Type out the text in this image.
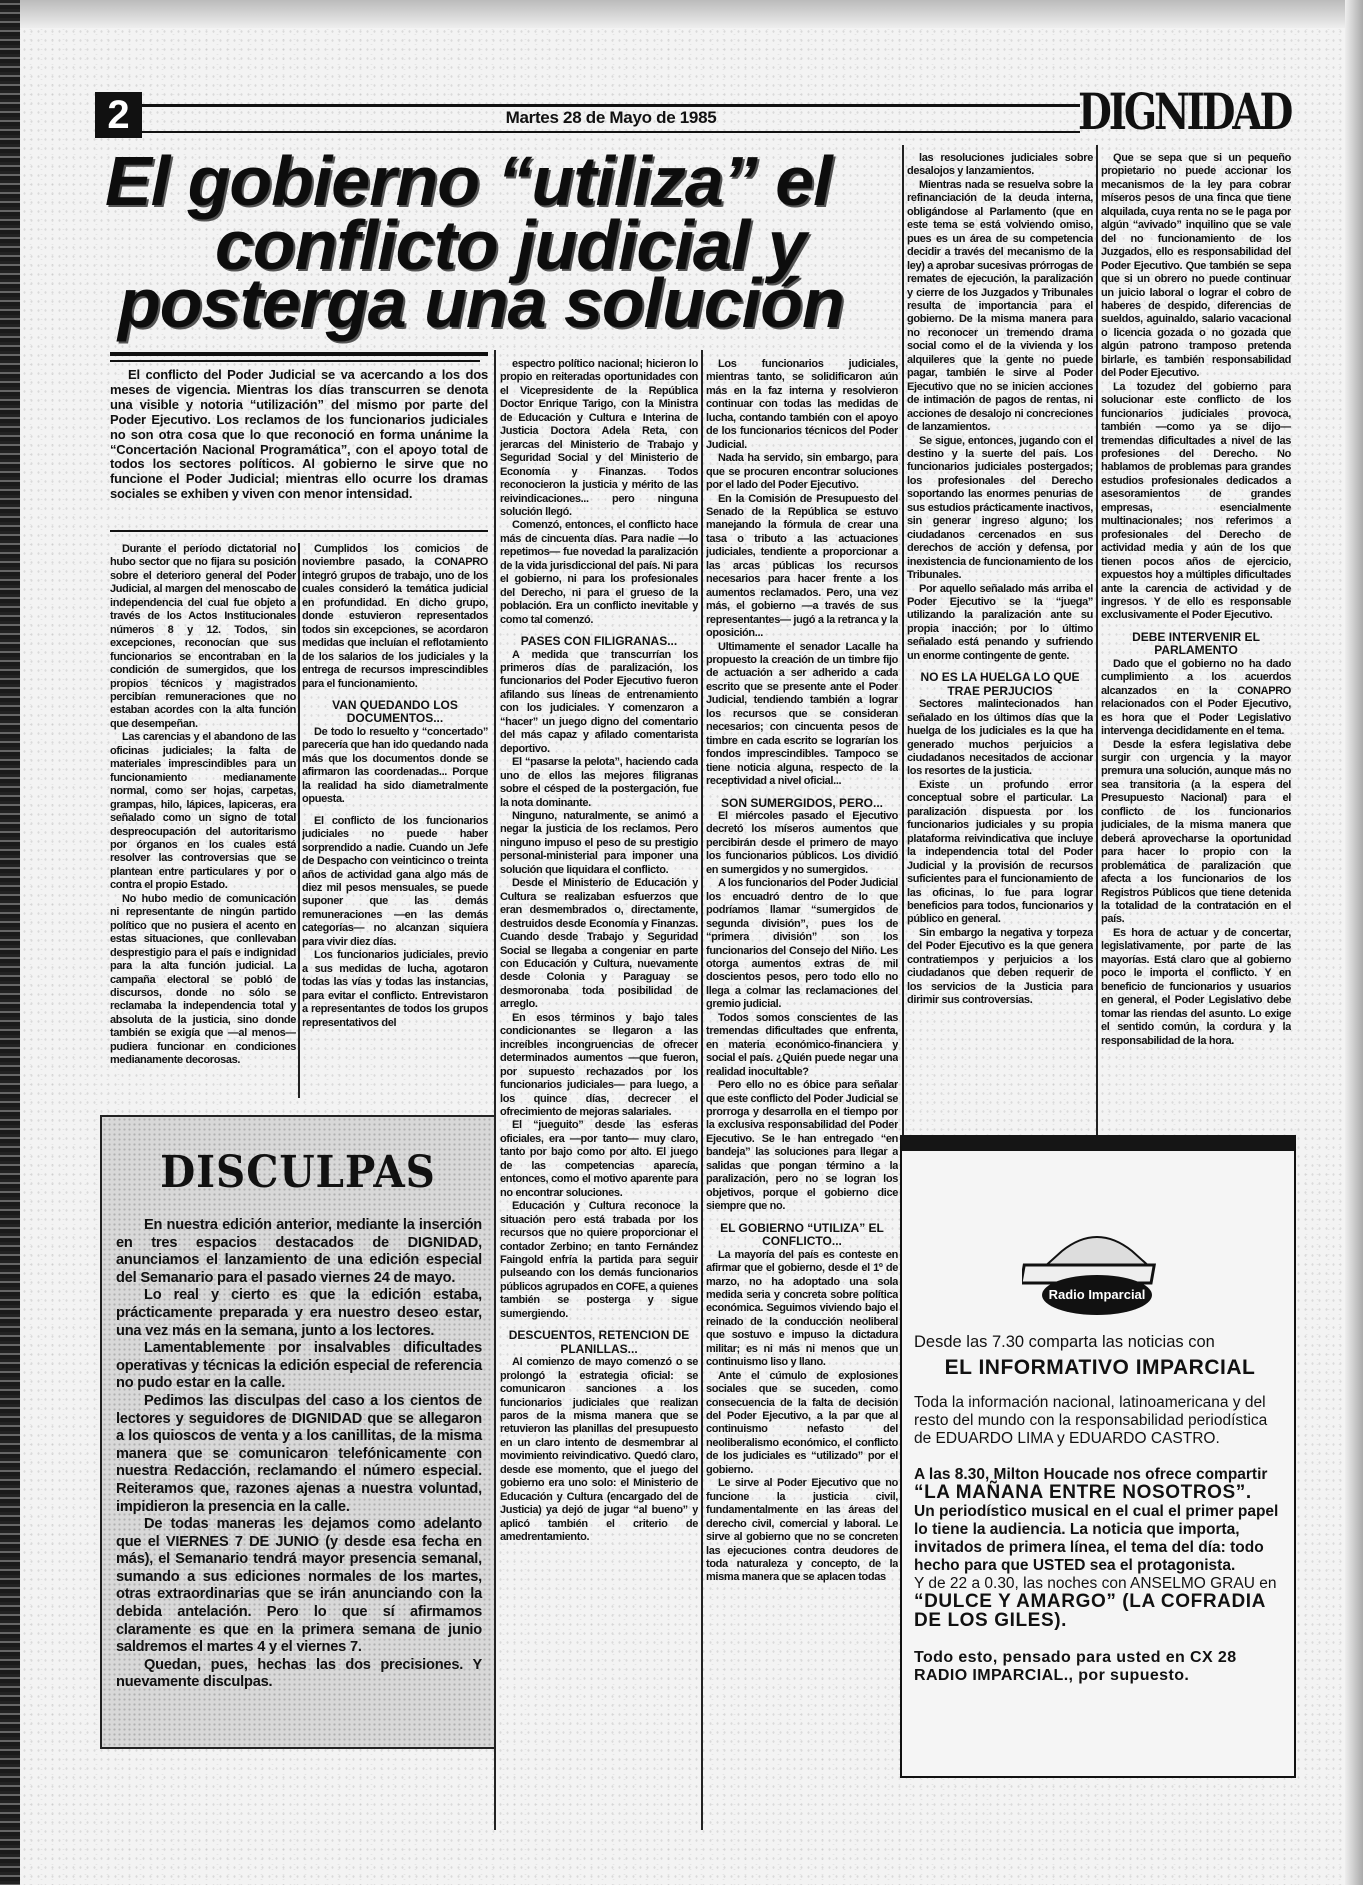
2	Martes 28 de Mayo de 1985	DIGNIDAD
El gobierno “utiliza” el
conflicto judicial y
posterga una solución

El conflicto del Poder Judicial se va acercando a los dos meses de vigencia. Mientras los días transcurren se denota una visible y notoria “utilización” del mismo por parte del Poder Ejecutivo. Los reclamos de los funcionarios judiciales no son otra cosa que lo que reconoció en forma unánime la “Concertación Nacional Programática”, con el apoyo total de todos los sectores políticos. Al gobierno le sirve que no funcione el Poder Judicial; mientras ello ocurre los dramas sociales se exhiben y viven con menor intensidad.

Durante el período dictatorial no hubo sector que no fijara su posición sobre el deterioro general del Poder Judicial, al margen del menoscabo de independencia del cual fue objeto a través de los Actos Institucionales números 8 y 12. Todos, sin excepciones, reconocían que sus funcionarios se encontraban en la condición de sumergidos, que los propios técnicos y magistrados percibían remuneraciones que no estaban acordes con la alta función que desempeñan.

Las carencias y el abandono de las oficinas judiciales; la falta de materiales imprescindibles para un funcionamiento medianamente normal, como ser hojas, carpetas, grampas, hilo, lápices, lapiceras, era señalado como un signo de total despreocupación del autoritarismo por órganos en los cuales está resolver las controversias que se plantean entre particulares y por o contra el propio Estado.

No hubo medio de comunicación ni representante de ningún partido político que no pusiera el acento en estas situaciones, que conllevaban desprestigio para el país e indignidad para la alta función judicial. La campaña electoral se pobló de discursos, donde no sólo se reclamaba la independencia total y absoluta de la justicia, sino donde también se exigía que —al menos— pudiera funcionar en condiciones medianamente decorosas.

Cumplidos los comicios de noviembre pasado, la CONAPRO integró grupos de trabajo, uno de los cuales consideró la temática judicial en profundidad. En dicho grupo, donde estuvieron representados todos sin excepciones, se acordaron medidas que incluían el reflotamiento de los salarios de los judiciales y la entrega de recursos imprescindibles para el funcionamiento.

VAN QUEDANDO LOS DOCUMENTOS...

De todo lo resuelto y “concertado” parecería que han ido quedando nada más que los documentos donde se afirmaron las coordenadas... Porque la realidad ha sido diametralmente opuesta.

El conflicto de los funcionarios judiciales no puede haber sorprendido a nadie. Cuando un Jefe de Despacho con veinticinco o treinta años de actividad gana algo más de diez mil pesos mensuales, se puede suponer que las demás remuneraciones —en las demás categorías— no alcanzan siquiera para vivir diez días.

Los funcionarios judiciales, previo a sus medidas de lucha, agotaron todas las vías y todas las instancias, para evitar el conflicto. Entrevistaron a representantes de todos los grupos representativos del

espectro político nacional; hicieron lo propio en reiteradas oportunidades con el Vicepresidente de la República Doctor Enrique Tarigo, con la Ministra de Educación y Cultura e Interina de Justicia Doctora Adela Reta, con jerarcas del Ministerio de Trabajo y Seguridad Social y del Ministerio de Economía y Finanzas. Todos reconocieron la justicia y mérito de las reivindicaciones... pero ninguna solución llegó.

Comenzó, entonces, el conflicto hace más de cincuenta días. Para nadie —lo repetimos— fue novedad la paralización de la vida jurisdiccional del país. Ni para el gobierno, ni para los profesionales del Derecho, ni para el grueso de la población. Era un conflicto inevitable y como tal comenzó.

PASES CON FILIGRANAS...

A medida que transcurrían los primeros días de paralización, los funcionarios del Poder Ejecutivo fueron afilando sus líneas de entrenamiento con los judiciales. Y comenzaron a “hacer” un juego digno del comentario del más capaz y afilado comentarista deportivo.

El “pasarse la pelota”, haciendo cada uno de ellos las mejores filigranas sobre el césped de la postergación, fue la nota dominante.

Ninguno, naturalmente, se animó a negar la justicia de los reclamos. Pero ninguno impuso el peso de su prestigio personal-ministerial para imponer una solución que liquidara el conflicto.

Desde el Ministerio de Educación y Cultura se realizaban esfuerzos que eran desmembrados o, directamente, destruidos desde Economía y Finanzas. Cuando desde Trabajo y Seguridad Social se llegaba a congeniar en parte con Educación y Cultura, nuevamente desde Colonia y Paraguay se desmoronaba toda posibilidad de arreglo.

En esos términos y bajo tales condicionantes se llegaron a las increíbles incongruencias de ofrecer determinados aumentos —que fueron, por supuesto rechazados por los funcionarios judiciales— para luego, a los quince días, decrecer el ofrecimiento de mejoras salariales.

El “jueguito” desde las esferas oficiales, era —por tanto— muy claro, tanto por bajo como por alto. El juego de las competencias aparecía, entonces, como el motivo aparente para no encontrar soluciones.

Educación y Cultura reconoce la situación pero está trabada por los recursos que no quiere proporcionar el contador Zerbino; en tanto Fernández Faingold enfría la partida para seguir pulseando con los demás funcionarios públicos agrupados en COFE, a quienes también se posterga y sigue sumergiendo.

DESCUENTOS, RETENCION DE PLANILLAS...

Al comienzo de mayo comenzó o se prolongó la estrategia oficial: se comunicaron sanciones a los funcionarios judiciales que realizan paros de la misma manera que se retuvieron las planillas del presupuesto en un claro intento de desmembrar al movimiento reivindicativo. Quedó claro, desde ese momento, que el juego del gobierno era uno solo: el Ministerio de Educación y Cultura (encargado del de Justicia) ya dejó de jugar “al bueno” y aplicó también el criterio de amedrentamiento.

Los funcionarios judiciales, mientras tanto, se solidificaron aún más en la faz interna y resolvieron continuar con todas las medidas de lucha, contando también con el apoyo de los funcionarios técnicos del Poder Judicial.

Nada ha servido, sin embargo, para que se procuren encontrar soluciones por el lado del Poder Ejecutivo.

En la Comisión de Presupuesto del Senado de la República se estuvo manejando la fórmula de crear una tasa o tributo a las actuaciones judiciales, tendiente a proporcionar a las arcas públicas los recursos necesarios para hacer frente a los aumentos reclamados. Pero, una vez más, el gobierno —a través de sus representantes— jugó a la retranca y la oposición...

Ultimamente el senador Lacalle ha propuesto la creación de un timbre fijo de actuación a ser adherido a cada escrito que se presente ante el Poder Judicial, tendiendo también a lograr los recursos que se consideran necesarios; con cincuenta pesos de timbre en cada escrito se lograrían los fondos imprescindibles. Tampoco se tiene noticia alguna, respecto de la receptividad a nivel oficial...

SON SUMERGIDOS, PERO...

El miércoles pasado el Ejecutivo decretó los míseros aumentos que percibirán desde el primero de mayo los funcionarios públicos. Los dividió en sumergidos y no sumergidos.

A los funcionarios del Poder Judicial los encuadró dentro de lo que podríamos llamar “sumergidos de segunda división”, pues los de “primera división” son los funcionarios del Consejo del Niño. Les otorga aumentos extras de mil doscientos pesos, pero todo ello no llega a colmar las reclamaciones del gremio judicial.

Todos somos conscientes de las tremendas dificultades que enfrenta, en materia económico-financiera y social el país. ¿Quién puede negar una realidad inocultable?

Pero ello no es óbice para señalar que este conflicto del Poder Judicial se prorroga y desarrolla en el tiempo por la exclusiva responsabilidad del Poder Ejecutivo. Se le han entregado “en bandeja” las soluciones para llegar a salidas que pongan término a la paralización, pero no se logran los objetivos, porque el gobierno dice siempre que no.

EL GOBIERNO “UTILIZA” EL CONFLICTO...

La mayoría del país es conteste en afirmar que el gobierno, desde el 1º de marzo, no ha adoptado una sola medida seria y concreta sobre política económica. Seguimos viviendo bajo el reinado de la conducción neoliberal que sostuvo e impuso la dictadura militar; es ni más ni menos que un continuismo liso y llano.

Ante el cúmulo de explosiones sociales que se suceden, como consecuencia de la falta de decisión del Poder Ejecutivo, a la par que al continuismo nefasto del neoliberalismo económico, el conflicto de los judiciales es “utilizado” por el gobierno.

Le sirve al Poder Ejecutivo que no funcione la justicia civil, fundamentalmente en las áreas del derecho civil, comercial y laboral. Le sirve al gobierno que no se concreten las ejecuciones contra deudores de toda naturaleza y concepto, de la misma manera que se aplacen todas

las resoluciones judiciales sobre desalojos y lanzamientos.

Mientras nada se resuelva sobre la refinanciación de la deuda interna, obligándose al Parlamento (que en este tema se está volviendo omiso, pues es un área de su competencia decidir a través del mecanismo de la ley) a aprobar sucesivas prórrogas de remates de ejecución, la paralización y cierre de los Juzgados y Tribunales resulta de importancia para el gobierno. De la misma manera para no reconocer un tremendo drama social como el de la vivienda y los alquileres que la gente no puede pagar, también le sirve al Poder Ejecutivo que no se inicien acciones de intimación de pagos de rentas, ni acciones de desalojo ni concreciones de lanzamientos.

Se sigue, entonces, jugando con el destino y la suerte del país. Los funcionarios judiciales postergados; los profesionales del Derecho soportando las enormes penurias de sus estudios prácticamente inactivos, sin generar ingreso alguno; los ciudadanos cercenados en sus derechos de acción y defensa, por inexistencia de funcionamiento de los Tribunales.

Por aquello señalado más arriba el Poder Ejecutivo se la “juega” utilizando la paralización ante su propia inacción; por lo último señalado está penando y sufriendo un enorme contingente de gente.

NO ES LA HUELGA LO QUE TRAE PERJUCIOS

Sectores malintecionados han señalado en los últimos días que la huelga de los judiciales es la que ha generado muchos perjuicios a ciudadanos necesitados de accionar los resortes de la justicia.

Existe un profundo error conceptual sobre el particular. La paralización dispuesta por los funcionarios judiciales y su propia plataforma reivindicativa que incluye la independencia total del Poder Judicial y la provisión de recursos suficientes para el funcionamiento de las oficinas, lo fue para lograr beneficios para todos, funcionarios y público en general.

Sin embargo la negativa y torpeza del Poder Ejecutivo es la que genera contratiempos y perjuicios a los ciudadanos que deben requerir de los servicios de la Justicia para dirimir sus controversias.

Que se sepa que si un pequeño propietario no puede accionar los mecanismos de la ley para cobrar míseros pesos de una finca que tiene alquilada, cuya renta no se le paga por algún “avivado” inquilino que se vale del no funcionamiento de los Juzgados, ello es responsabilidad del Poder Ejecutivo. Que también se sepa que si un obrero no puede continuar un juicio laboral o lograr el cobro de haberes de despido, diferencias de sueldos, aguinaldo, salario vacacional o licencia gozada o no gozada que algún patrono tramposo pretenda birlarle, es también responsabilidad del Poder Ejecutivo.

La tozudez del gobierno para solucionar este conflicto de los funcionarios judiciales provoca, también —como ya se dijo— tremendas dificultades a nivel de las profesiones del Derecho. No hablamos de problemas para grandes estudios profesionales dedicados a asesoramientos de grandes empresas, esencialmente multinacionales; nos referimos a profesionales del Derecho de actividad media y aún de los que tienen pocos años de ejercicio, expuestos hoy a múltiples dificultades ante la carencia de actividad y de ingresos. Y de ello es responsable exclusivamente el Poder Ejecutivo.

DEBE INTERVENIR EL PARLAMENTO

Dado que el gobierno no ha dado cumplimiento a los acuerdos alcanzados en la CONAPRO relacionados con el Poder Ejecutivo, es hora que el Poder Legislativo intervenga decididamente en el tema.

Desde la esfera legislativa debe surgir con urgencia y la mayor premura una solución, aunque más no sea transitoria (a la espera del Presupuesto Nacional) para el conflicto de los funcionarios judiciales, de la misma manera que deberá aprovecharse la oportunidad para hacer lo propio con la problemática de paralización que afecta a los funcionarios de los Registros Públicos que tiene detenida la totalidad de la contratación en el país.

Es hora de actuar y de concertar, legislativamente, por parte de las mayorías. Está claro que al gobierno poco le importa el conflicto. Y en beneficio de funcionarios y usuarios en general, el Poder Legislativo debe tomar las riendas del asunto. Lo exige el sentido común, la cordura y la responsabilidad de la hora.

DISCULPAS

En nuestra edición anterior, mediante la inserción en tres espacios destacados de DIGNIDAD, anunciamos el lanzamiento de una edición especial del Semanario para el pasado viernes 24 de mayo.

Lo real y cierto es que la edición estaba, prácticamente preparada y era nuestro deseo estar, una vez más en la semana, junto a los lectores.

Lamentablemente por insalvables dificultades operativas y técnicas la edición especial de referencia no pudo estar en la calle.

Pedimos las disculpas del caso a los cientos de lectores y seguidores de DIGNIDAD que se allegaron a los quioscos de venta y a los canillitas, de la misma manera que se comunicaron telefónicamente con nuestra Redacción, reclamando el número especial. Reiteramos que, razones ajenas a nuestra voluntad, impidieron la presencia en la calle.

De todas maneras les dejamos como adelanto que el VIERNES 7 DE JUNIO (y desde esa fecha en más), el Semanario tendrá mayor presencia semanal, sumando a sus ediciones normales de los martes, otras extraordinarias que se irán anunciando con la debida antelación. Pero lo que sí afirmamos claramente es que en la primera semana de junio saldremos el martes 4 y el viernes 7.

Quedan, pues, hechas las dos precisiones. Y nuevamente disculpas.

Radio Imparcial
Desde las 7.30 comparta las noticias con
EL INFORMATIVO IMPARCIAL

Toda la información nacional, latinoamericana y del resto del mundo con la responsabilidad periodística de EDUARDO LIMA y EDUARDO CASTRO.

A las 8.30, Milton Houcade nos ofrece compartir “LA MAÑANA ENTRE NOSOTROS”.
Un periodístico musical en el cual el primer papel lo tiene la audiencia. La noticia que importa, invitados de primera línea, el tema del día: todo hecho para que USTED sea el protagonista.
Y de 22 a 0.30, las noches con ANSELMO GRAU en “DULCE Y AMARGO” (LA COFRADIA DE LOS GILES).

Todo esto, pensado para usted en CX 28 RADIO IMPARCIAL., por supuesto.
